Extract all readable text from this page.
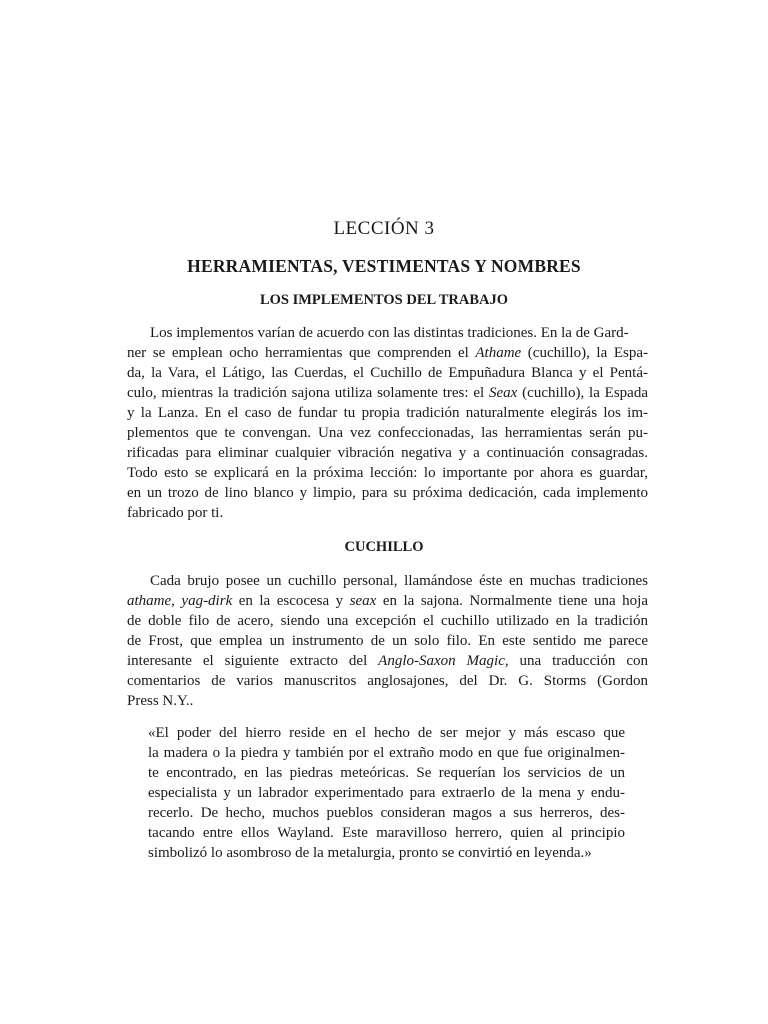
LECCIÓN 3

HERRAMIENTAS, VESTIMENTAS Y NOMBRES

LOS IMPLEMENTOS DEL TRABAJO

Los implementos varían de acuerdo con las distintas tradiciones. En la de Gard-

ner se emplean ocho herramientas que comprenden el Athame (cuchillo), la Espa-

da, la Vara, el Látigo, las Cuerdas, el Cuchillo de Empuñadura Blanca y el Pentá-

culo, mientras la tradición sajona utiliza solamente tres: el Seax (cuchillo), la Espada

y la Lanza. En el caso de fundar tu propia tradición naturalmente elegirás los im-

plementos que te convengan. Una vez confeccionadas, las herramientas serán pu-

rificadas para eliminar cualquier vibración negativa y a continuación consagradas.

Todo esto se explicará en la próxima lección: lo importante por ahora es guardar,

en un trozo de lino blanco y limpio, para su próxima dedicación, cada implemento

fabricado por ti.

CUCHILLO

Cada brujo posee un cuchillo personal, llamándose éste en muchas tradiciones

athame, yag-dirk en la escocesa y seax en la sajona. Normalmente tiene una hoja

de doble filo de acero, siendo una excepción el cuchillo utilizado en la tradición

de Frost, que emplea un instrumento de un solo filo. En este sentido me parece

interesante el siguiente extracto del Anglo-Saxon Magic, una traducción con

comentarios de varios manuscritos anglosajones, del Dr. G. Storms (Gordon

Press N.Y..

«El poder del hierro reside en el hecho de ser mejor y más escaso que

la madera o la piedra y también por el extraño modo en que fue originalmen-

te encontrado, en las piedras meteóricas. Se requerían los servicios de un

especialista y un labrador experimentado para extraerlo de la mena y endu-

recerlo. De hecho, muchos pueblos consideran magos a sus herreros, des-

tacando entre ellos Wayland. Este maravilloso herrero, quien al principio

simbolizó lo asombroso de la metalurgia, pronto se convirtió en leyenda.»
